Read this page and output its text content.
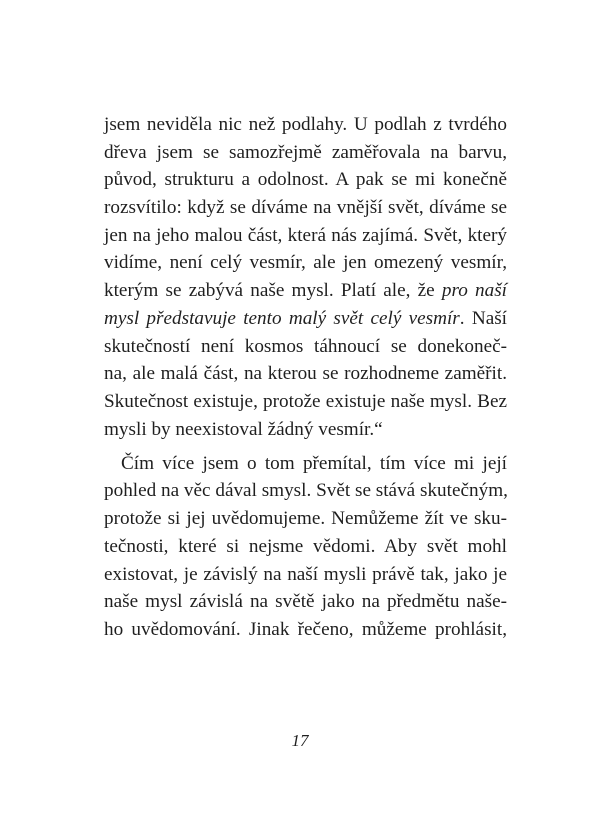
jsem neviděla nic než podlahy. U podlah z tvrdého
dřeva jsem se samozřejmě zaměřovala na barvu,
původ, strukturu a odolnost. A pak se mi konečně
rozsvítilo: když se díváme na vnější svět, díváme se
jen na jeho malou část, která nás zajímá. Svět, který
vidíme, není celý vesmír, ale jen omezený vesmír,
kterým se zabývá naše mysl. Platí ale, že pro naší
mysl představuje tento malý svět celý vesmír. Naší
skutečností není kosmos táhnoucí se donekoneč-
na, ale malá část, na kterou se rozhodneme zaměřit.
Skutečnost existuje, protože existuje naše mysl. Bez
mysli by neexistoval žádný vesmír.“
Čím více jsem o tom přemítal, tím více mi její
pohled na věc dával smysl. Svět se stává skutečným,
protože si jej uvědomujeme. Nemůžeme žít ve sku-
tečnosti, které si nejsme vědomi. Aby svět mohl
existovat, je závislý na naší mysli právě tak, jako je
naše mysl závislá na světě jako na předmětu naše-
ho uvědomování. Jinak řečeno, můžeme prohlásit,
17
